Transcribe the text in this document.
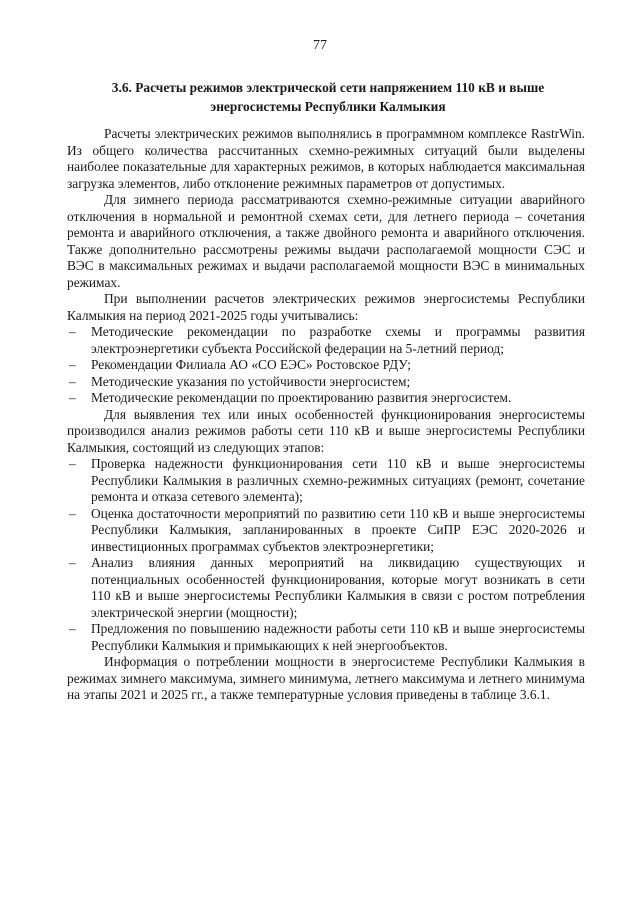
77
3.6. Расчеты режимов электрической сети напряжением 110 кВ и выше энергосистемы Республики Калмыкия

Расчеты электрических режимов выполнялись в программном комплексе RastrWin. Из общего количества рассчитанных схемно-режимных ситуаций были выделены наиболее показательные для характерных режимов, в которых наблюдается максимальная загрузка элементов, либо отклонение режимных параметров от допустимых.

Для зимнего периода рассматриваются схемно-режимные ситуации аварийного отключения в нормальной и ремонтной схемах сети, для летнего периода – сочетания ремонта и аварийного отключения, а также двойного ремонта и аварийного отключения. Также дополнительно рассмотрены режимы выдачи располагаемой мощности СЭС и ВЭС в максимальных режимах и выдачи располагаемой мощности ВЭС в минимальных режимах.

При выполнении расчетов электрических режимов энергосистемы Республики Калмыкия на период 2021-2025 годы учитывались:

– Методические рекомендации по разработке схемы и программы развития электроэнергетики субъекта Российской федерации на 5-летний период;
– Рекомендации Филиала АО «СО ЕЭС» Ростовское РДУ;
– Методические указания по устойчивости энергосистем;
– Методические рекомендации по проектированию развития энергосистем.

Для выявления тех или иных особенностей функционирования энергосистемы производился анализ режимов работы сети 110 кВ и выше энергосистемы Республики Калмыкия, состоящий из следующих этапов:

– Проверка надежности функционирования сети 110 кВ и выше энергосистемы Республики Калмыкия в различных схемно-режимных ситуациях (ремонт, сочетание ремонта и отказа сетевого элемента);
– Оценка достаточности мероприятий по развитию сети 110 кВ и выше энергосистемы Республики Калмыкия, запланированных в проекте СиПР ЕЭС 2020-2026 и инвестиционных программах субъектов электроэнергетики;
– Анализ влияния данных мероприятий на ликвидацию существующих и потенциальных особенностей функционирования, которые могут возникать в сети 110 кВ и выше энергосистемы Республики Калмыкия в связи с ростом потребления электрической энергии (мощности);
– Предложения по повышению надежности работы сети 110 кВ и выше энергосистемы Республики Калмыкия и примыкающих к ней энергообъектов.

Информация о потреблении мощности в энергосистеме Республики Калмыкия в режимах зимнего максимума, зимнего минимума, летнего максимума и летнего минимума на этапы 2021 и 2025 гг., а также температурные условия приведены в таблице 3.6.1.
